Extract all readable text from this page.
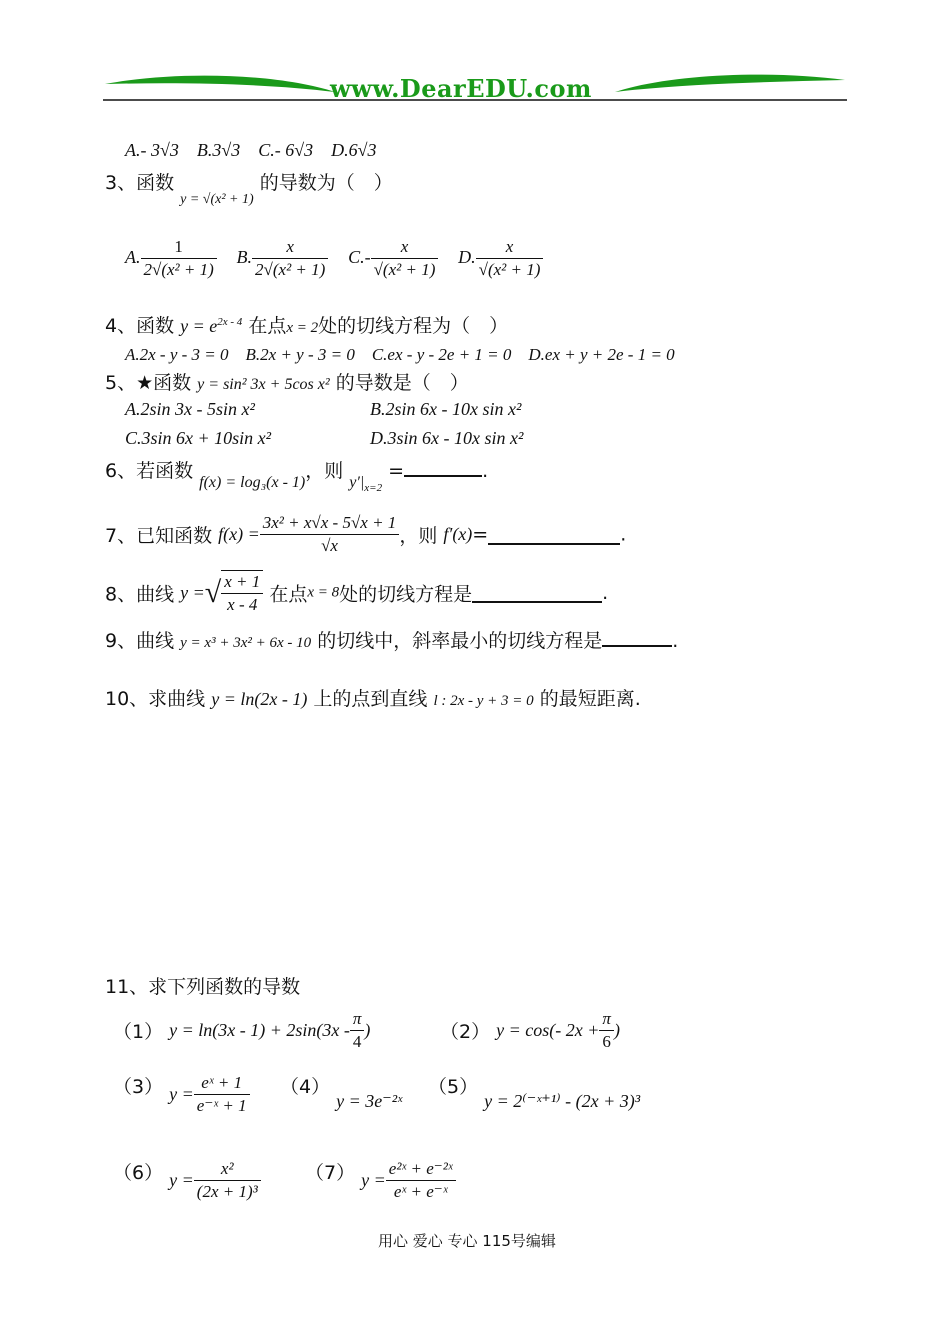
www.DearEDU.com
A.- 3√3 B.3√3 C.- 6√3 D.6√3
3、函数 $_{y = √(x^2 + 1)}$ 的导数为（　）
A. $\frac{1}{\text{2√(x² + 1)}} B$. $\frac{x}{\text{2√(x² + 1)}} C.- \frac{x}{\text{√(x² + 1)}} D$. $\frac{x}{\text{√(x² + 1)}}$
4、函数 $y = e^{2x - 4}$ 在点x = 2处的切线方程为（　）
A.2x - y - 3 = 0　B.2x + y - 3 = 0　C.ex - y - 2e + 1 = 0　D.ex + y + 2e - 1 = 0
5、★函数 y = sin² 3x + 5cos x² 的导数是（　）
A.2sin 3x - 5sin x²	B.2sin 6x - 10x sin x²
C.3sin 6x + 10sin x²	D.3sin 6x - 10x sin x²
6、若函数 $_{f(x) = log_3(x - 1)}$，则 $_{y'|_{x=2}}$ =	.
7、已知函数 $f(x) = \frac{\text{3x² + x√x - 5√x + 1}}{√x}$ ，则 f′(x)=	.
8、曲线 y =√ $\frac{x + 1}{x - 4}$ 在点x = 8处的切线方程是	.
9、曲线 y = x³ + 3x² + 6x - 10 的切线中，斜率最小的切线方程是	.
10、求曲线 y = ln(2x - 1) 上的点到直线 l : 2x - y + 3 = 0 的最短距离.
11、求下列函数的导数
（1） $y = \ln(3x - 1) + 2\sin(3x - \frac{\pi}{4}$ )	（2） y = cos(- $2x + \frac{\pi}{6}$ )
（3） $y = \frac{\text{eˣ + 1}}{\text{e⁻ˣ + 1}} (4) y$ = 3e⁻²ˣ
（5） y = 2⁽⁻ˣ⁺¹⁾ - (2x + 3)³
（6） $y = \frac{\text{x²}}{\text{(2x + 1)³}} (7) y = \frac{\text{e²ˣ + e⁻²ˣ}}{\text{eˣ + e⁻ˣ}}$
用心 爱心 专心 115号编辑
